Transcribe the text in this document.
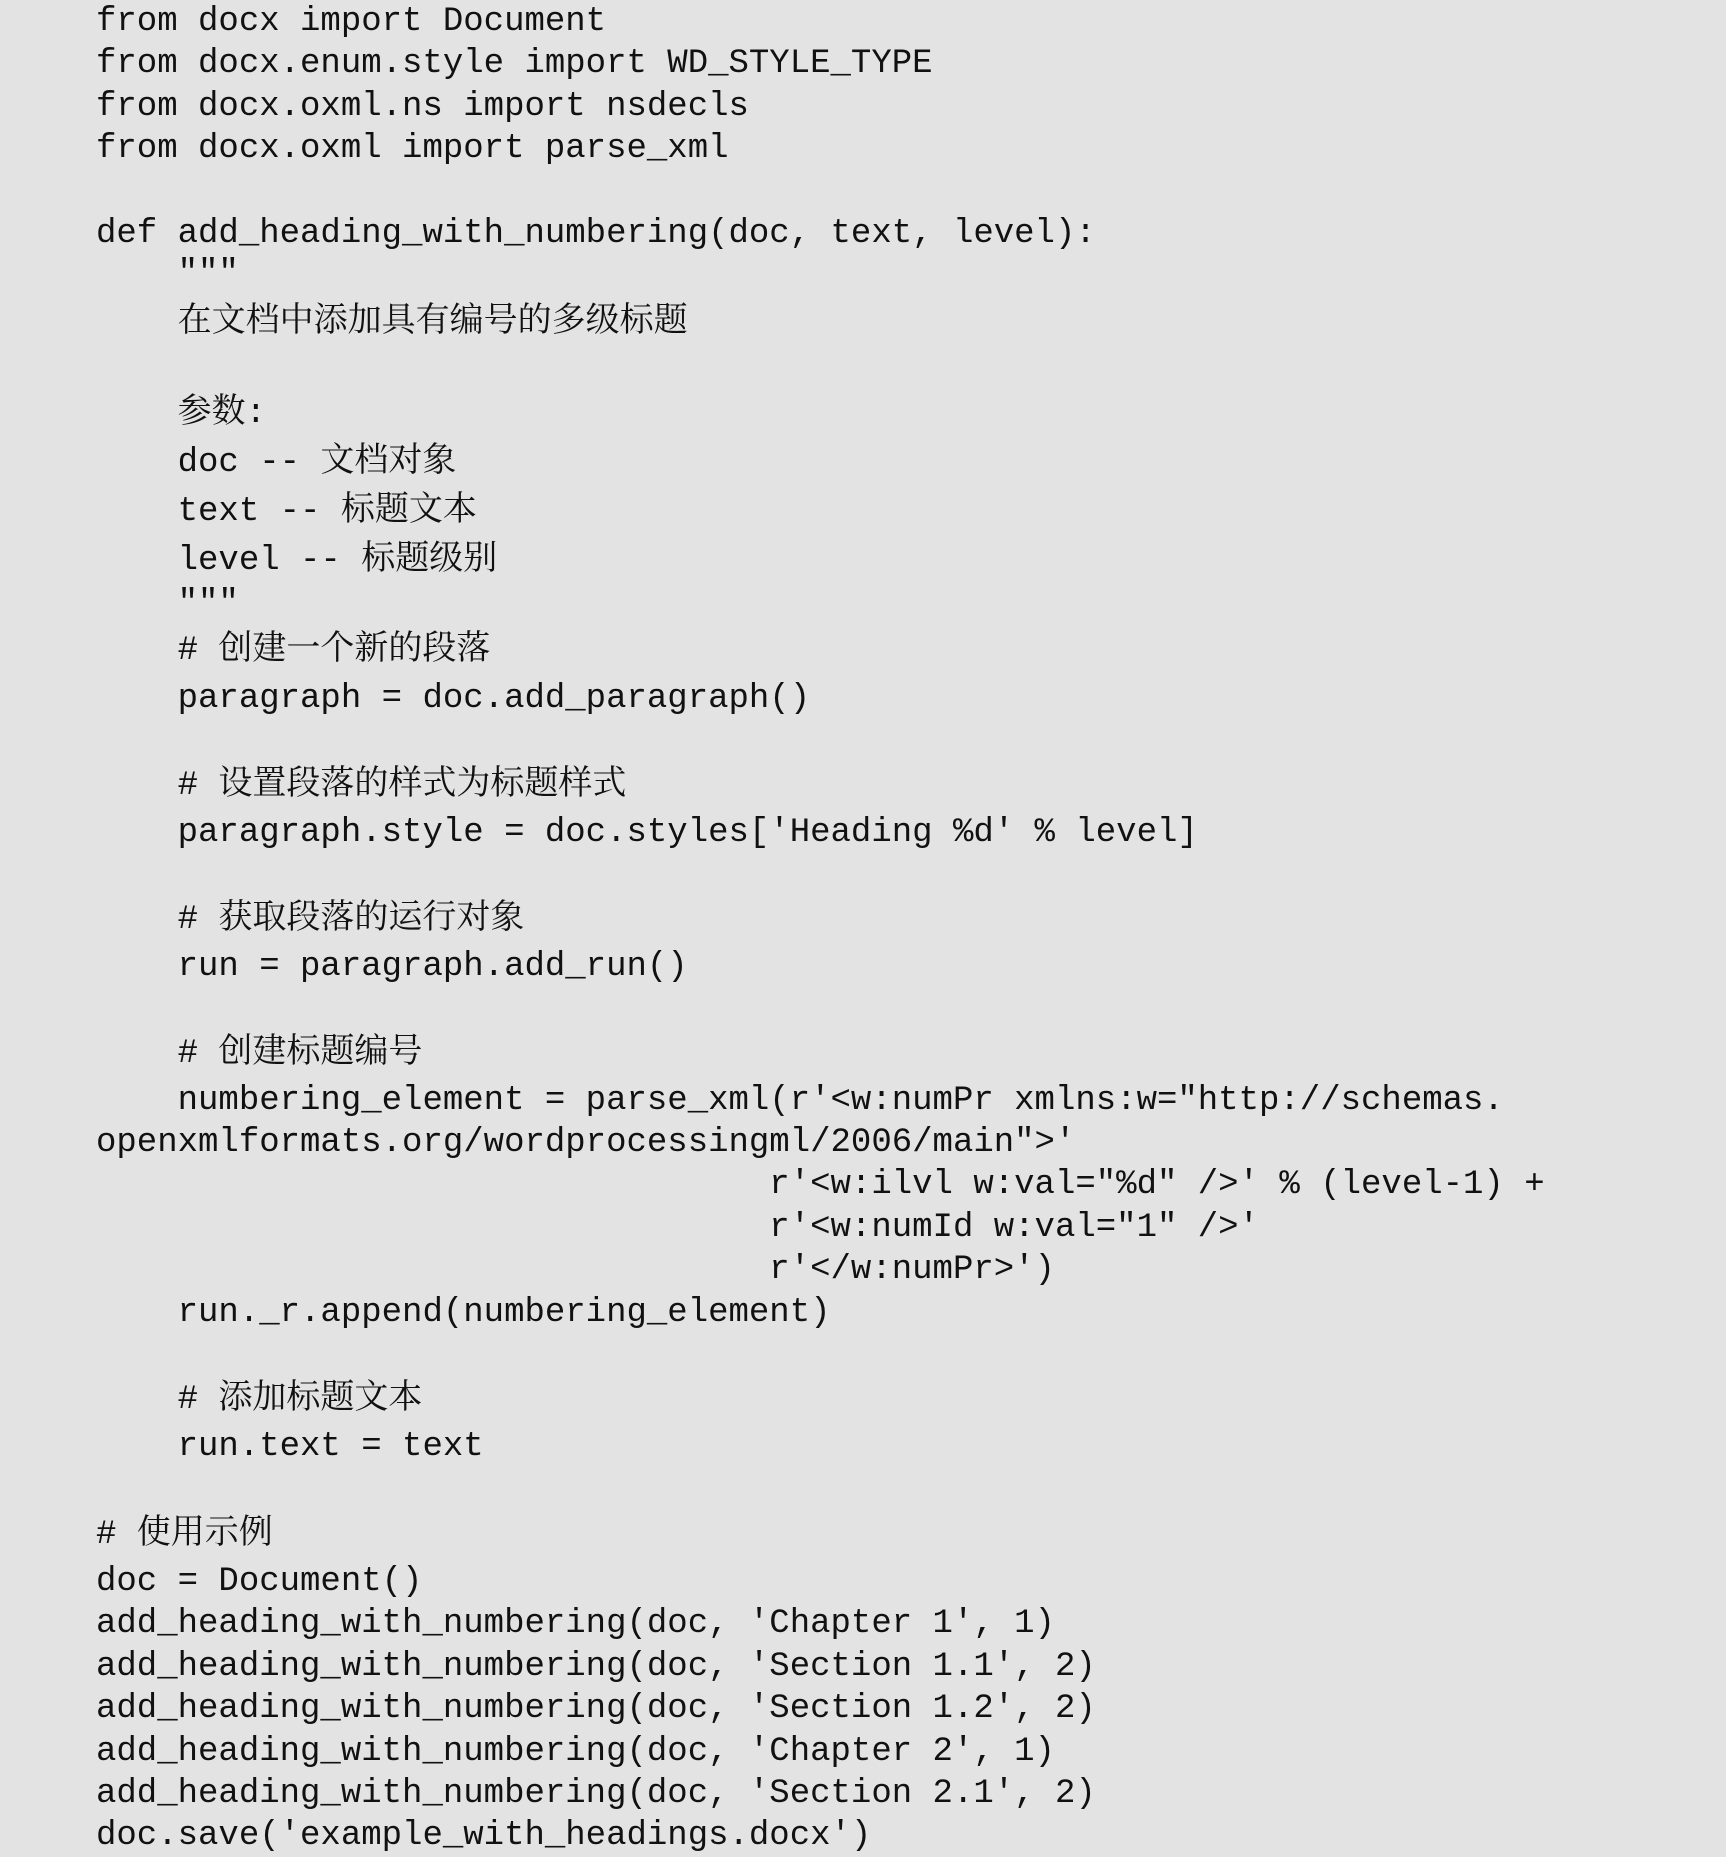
from docx import Document
from docx.enum.style import WD_STYLE_TYPE
from docx.oxml.ns import nsdecls
from docx.oxml import parse_xml
def add_heading_with_numbering(doc, text, level):
"""
在文档中添加具有编号的多级标题
参数:
doc -- 文档对象
text -- 标题文本
level -- 标题级别
"""
# 创建一个新的段落
paragraph = doc.add_paragraph()
# 设置段落的样式为标题样式
paragraph.style = doc.styles['Heading %d' % level]
# 获取段落的运行对象
run = paragraph.add_run()
# 创建标题编号
numbering_element = parse_xml(r'<w:numPr xmlns:w="http://schemas.
openxmlformats.org/wordprocessingml/2006/main">'
r'<w:ilvl w:val="%d" />' % (level-1) +
r'<w:numId w:val="1" />'
r'</w:numPr>')
run._r.append(numbering_element)
# 添加标题文本
run.text = text
# 使用示例
doc = Document()
add_heading_with_numbering(doc, 'Chapter 1', 1)
add_heading_with_numbering(doc, 'Section 1.1', 2)
add_heading_with_numbering(doc, 'Section 1.2', 2)
add_heading_with_numbering(doc, 'Chapter 2', 1)
add_heading_with_numbering(doc, 'Section 2.1', 2)
doc.save('example_with_headings.docx')
